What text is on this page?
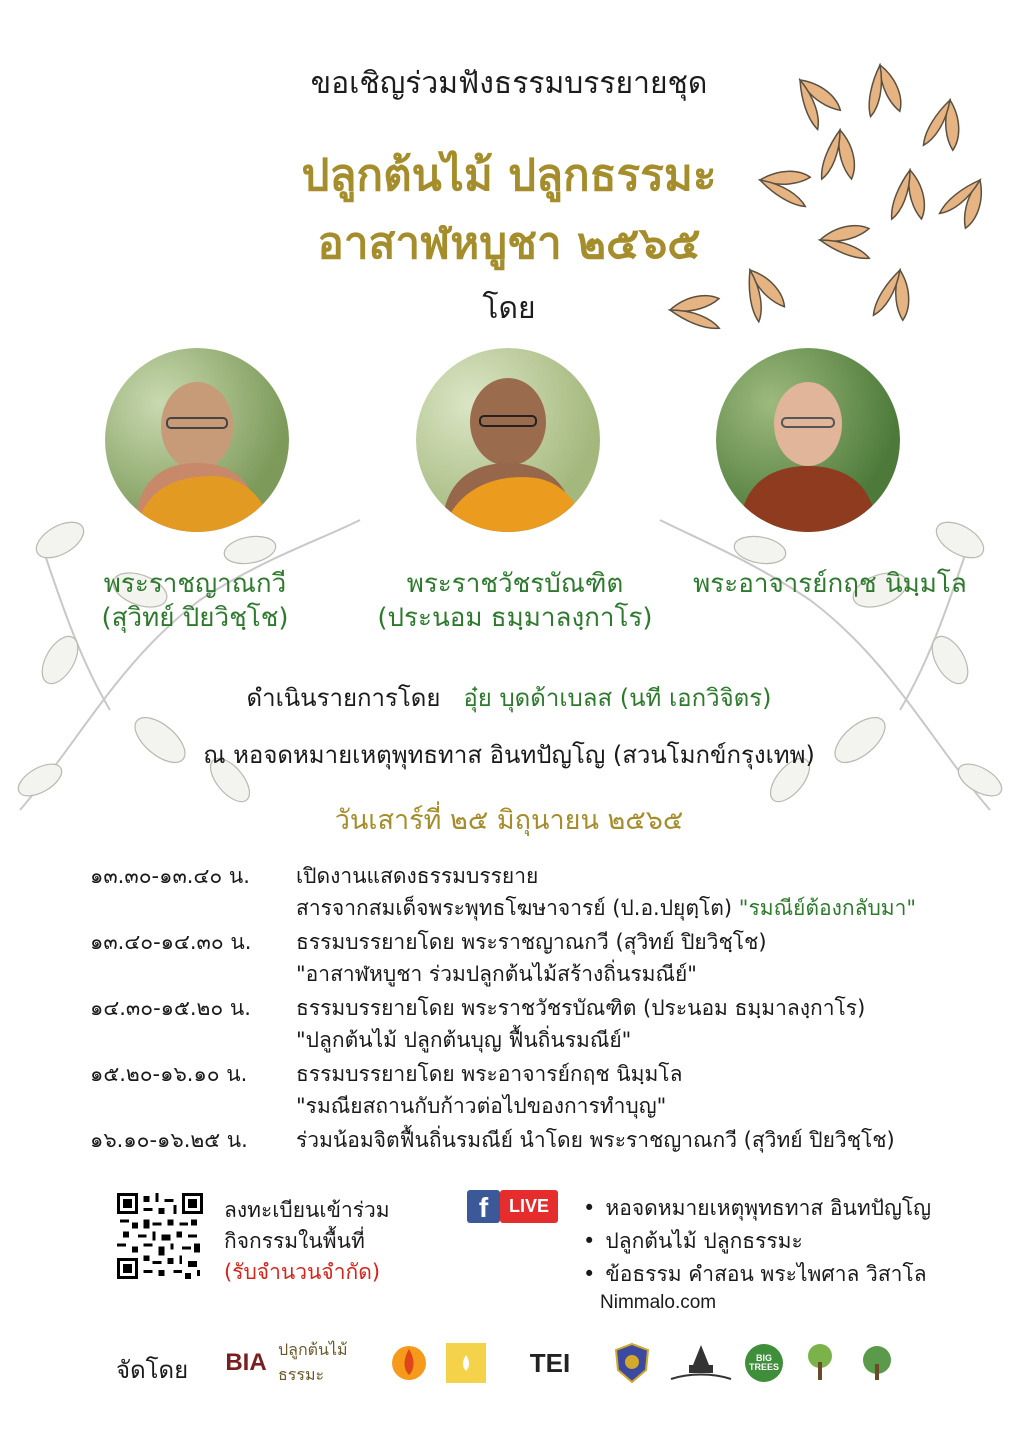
ขอเชิญร่วมฟังธรรมบรรยายชุด
ปลูกต้นไม้ ปลูกธรรมะ
อาสาฬหบูชา ๒๕๖๕
โดย
พระราชญาณกวี
(สุวิทย์ ปิยวิชฺโช)
พระราชวัชรบัณฑิต
(ประนอม ธมฺมาลงฺกาโร)
พระอาจารย์กฤช นิมฺมโล
ดำเนินรายการโดย อุ๋ย บุดด้าเบลส (นที เอกวิจิตร)
ณ หอจดหมายเหตุพุทธทาส อินทปัญโญ (สวนโมกข์กรุงเทพ)
วันเสาร์ที่ ๒๕ มิถุนายน ๒๕๖๕
๑๓.๓๐-๑๓.๔๐ น. เปิดงานแสดงธรรมบรรยาย
สารจากสมเด็จพระพุทธโฆษาจารย์ (ป.อ.ปยุตฺโต) "รมณีย์ต้องกลับมา"
๑๓.๔๐-๑๔.๓๐ น. ธรรมบรรยายโดย พระราชญาณกวี (สุวิทย์ ปิยวิชฺโช)
"อาสาฬหบูชา ร่วมปลูกต้นไม้สร้างถิ่นรมณีย์"
๑๔.๓๐-๑๕.๒๐ น. ธรรมบรรยายโดย พระราชวัชรบัณฑิต (ประนอม ธมฺมาลงฺกาโร)
"ปลูกต้นไม้ ปลูกต้นบุญ ฟื้นถิ่นรมณีย์"
๑๕.๒๐-๑๖.๑๐ น. ธรรมบรรยายโดย พระอาจารย์กฤช นิมฺมโล
"รมณียสถานกับก้าวต่อไปของการทำบุญ"
๑๖.๑๐-๑๖.๒๕ น. ร่วมน้อมจิตฟื้นถิ่นรมณีย์ นำโดย พระราชญาณกวี (สุวิทย์ ปิยวิชฺโช)
ลงทะเบียนเข้าร่วม
กิจกรรมในพื้นที่
(รับจำนวนจำกัด)
f	LIVE
•	หอจดหมายเหตุพุทธทาส อินทปัญโญ
• ปลูกต้นไม้ ปลูกธรรมะ
• ข้อธรรม คำสอน พระไพศาล วิสาโล
Nimmalo.com
จัดโดย BIA ปลูกต้นไม้ ธรรมะ	TEI	BIG TREES
